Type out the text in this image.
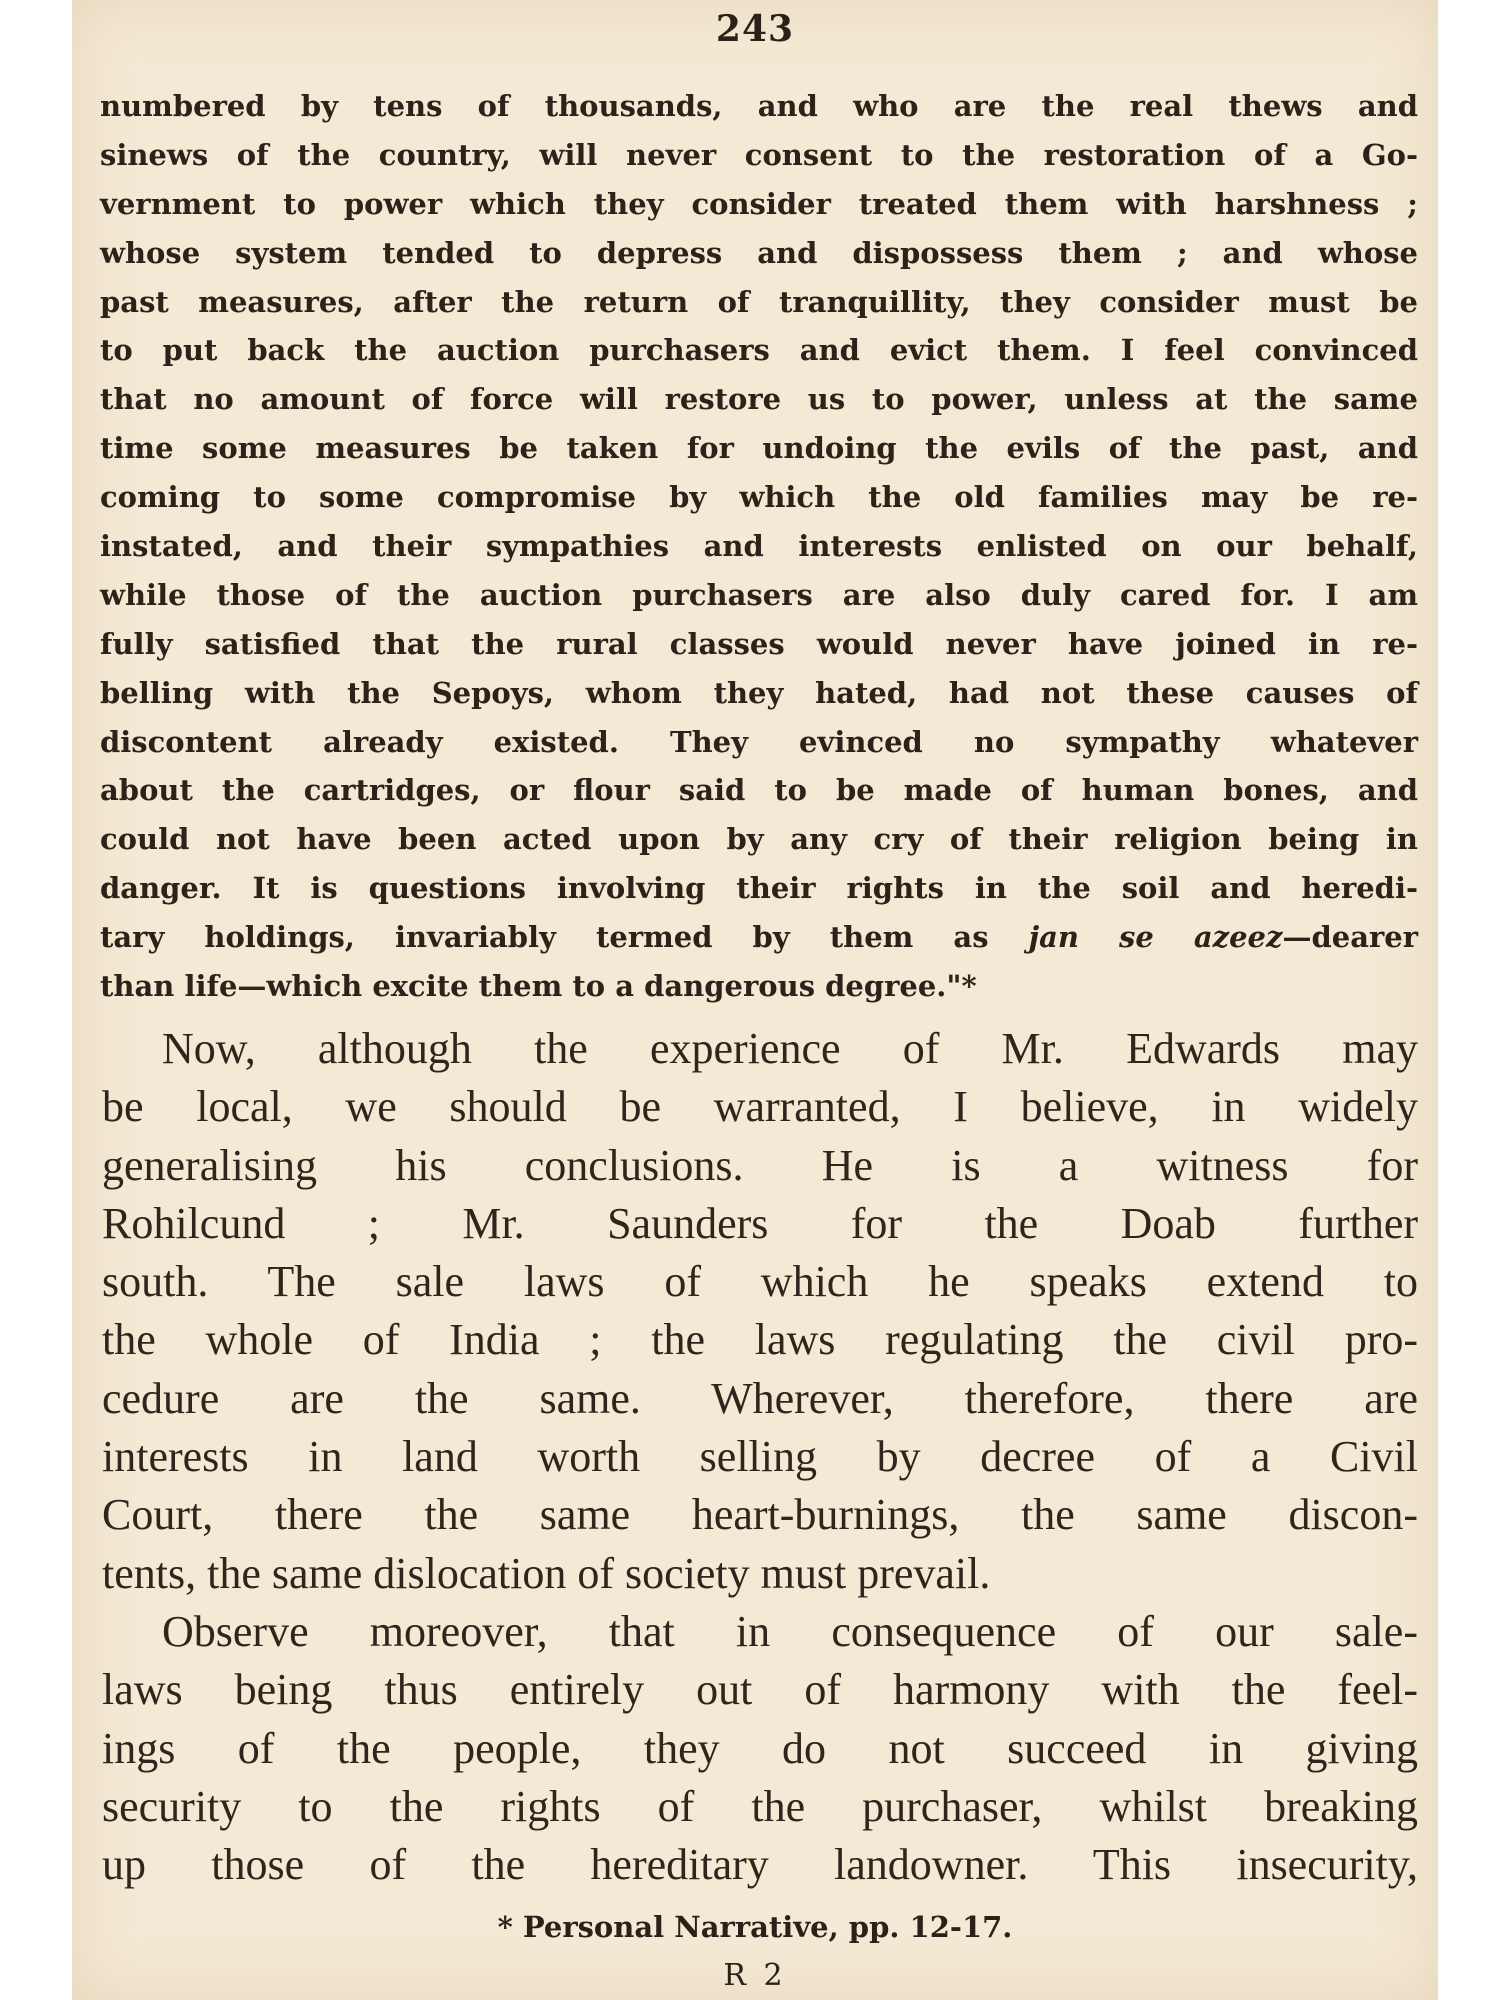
243

numbered by tens of thousands, and who are the real thews and
sinews of the country, will never consent to the restoration of a Go-
vernment to power which they consider treated them with harshness ;
whose system tended to depress and dispossess them ; and whose
past measures, after the return of tranquillity, they consider must be
to put back the auction purchasers and evict them. I feel convinced
that no amount of force will restore us to power, unless at the same
time some measures be taken for undoing the evils of the past, and
coming to some compromise by which the old families may be re-
instated, and their sympathies and interests enlisted on our behalf,
while those of the auction purchasers are also duly cared for. I am
fully satisfied that the rural classes would never have joined in re-
belling with the Sepoys, whom they hated, had not these causes of
discontent already existed. They evinced no sympathy whatever
about the cartridges, or flour said to be made of human bones, and
could not have been acted upon by any cry of their religion being in
danger. It is questions involving their rights in the soil and heredi-
tary holdings, invariably termed by them as jan se azeez—dearer
than life—which excite them to a dangerous degree."*
Now, although the experience of Mr. Edwards may
be local, we should be warranted, I believe, in widely
generalising his conclusions. He is a witness for
Rohilcund ; Mr. Saunders for the Doab further
south. The sale laws of which he speaks extend to
the whole of India ; the laws regulating the civil pro-
cedure are the same. Wherever, therefore, there are
interests in land worth selling by decree of a Civil
Court, there the same heart-burnings, the same discon-
tents, the same dislocation of society must prevail.
Observe moreover, that in consequence of our sale-
laws being thus entirely out of harmony with the feel-
ings of the people, they do not succeed in giving
security to the rights of the purchaser, whilst breaking
up those of the hereditary landowner. This insecurity,

* Personal Narrative, pp. 12-17.

R 2
